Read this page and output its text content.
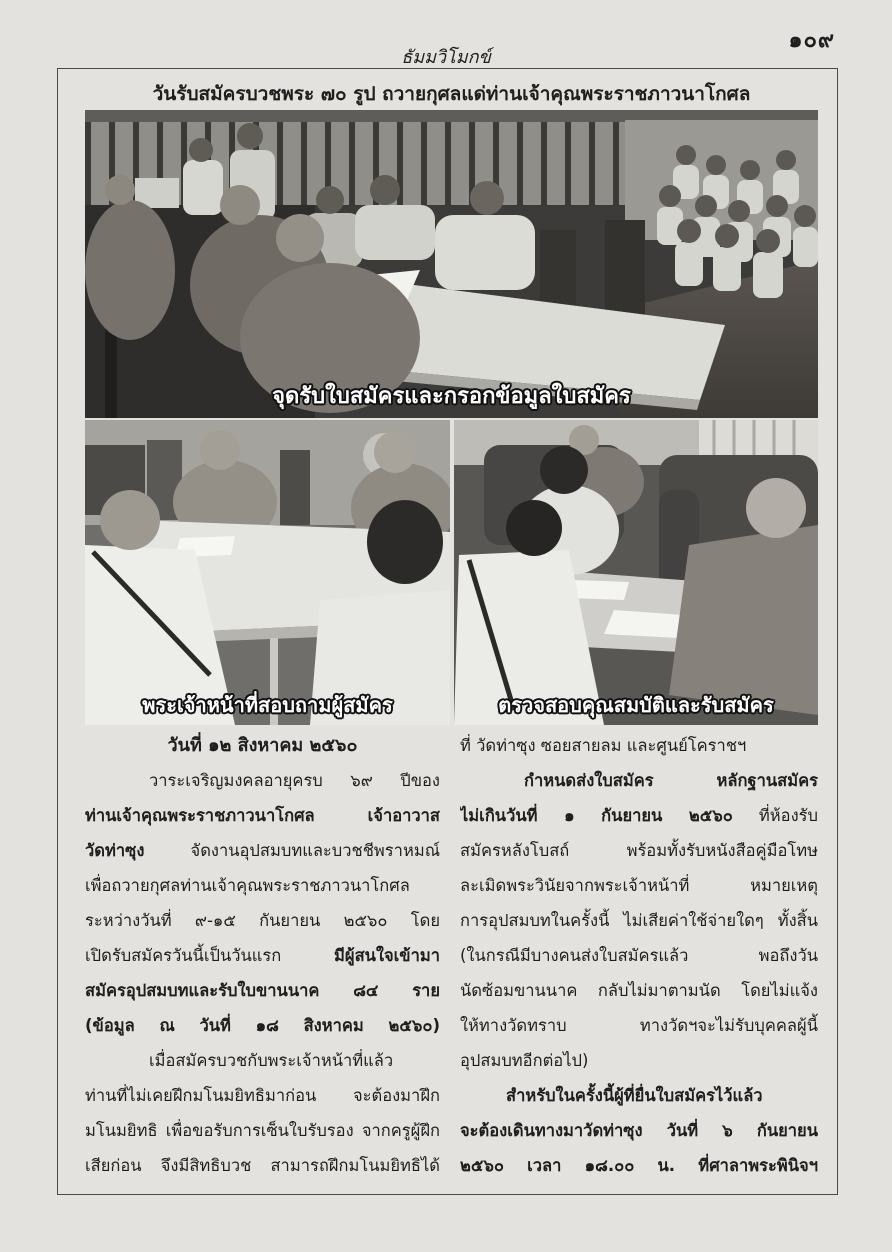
๑๐๙
ธัมมวิโมกข์
วันรับสมัครบวชพระ ๗๐ รูป ถวายกุศลแด่ท่านเจ้าคุณพระราชภาวนาโกศล
จุดรับใบสมัครและกรอกข้อมูลใบสมัคร
พระเจ้าหน้าที่สอบถามผู้สมัคร	ตรวจสอบคุณสมบัติและรับสมัคร
วันที่ ๑๒ สิงหาคม ๒๕๖๐
วาระเจริญมงคลอายุครบ ๖๙ ปีของ
ท่านเจ้าคุณพระราชภาวนาโกศล เจ้าอาวาส
วัดท่าซุง จัดงานอุปสมบทและบวชชีพราหมณ์
เพื่อถวายกุศลท่านเจ้าคุณพระราชภาวนาโกศล
ระหว่างวันที่ ๙-๑๕ กันยายน ๒๕๖๐ โดย
เปิดรับสมัครวันนี้เป็นวันแรก มีผู้สนใจเข้ามา
สมัครอุปสมบทและรับใบขานนาค ๘๔ ราย
(ข้อมูล ณ วันที่ ๑๘ สิงหาคม ๒๕๖๐)
เมื่อสมัครบวชกับพระเจ้าหน้าที่แล้ว
ท่านที่ไม่เคยฝึกมโนมยิทธิมาก่อน จะต้องมาฝึก
มโนมยิทธิ เพื่อขอรับการเซ็นใบรับรอง จากครูผู้ฝึก
เสียก่อน จึงมีสิทธิบวช สามารถฝึกมโนมยิทธิได้
ที่ วัดท่าซุง ซอยสายลม และศูนย์โคราชฯ
กำหนดส่งใบสมัคร หลักฐานสมัคร
ไม่เกินวันที่ ๑ กันยายน ๒๕๖๐ ที่ห้องรับ
สมัครหลังโบสถ์ พร้อมทั้งรับหนังสือคู่มือโทษ
ละเมิดพระวินัยจากพระเจ้าหน้าที่ หมายเหตุ
การอุปสมบทในครั้งนี้ ไม่เสียค่าใช้จ่ายใดๆ ทั้งสิ้น
(ในกรณีมีบางคนส่งใบสมัครแล้ว พอถึงวัน
นัดซ้อมขานนาค กลับไม่มาตามนัด โดยไม่แจ้ง
ให้ทางวัดทราบ ทางวัดฯจะไม่รับบุคคลผู้นี้
อุปสมบทอีกต่อไป)
สำหรับในครั้งนี้ผู้ที่ยื่นใบสมัครไว้แล้ว
จะต้องเดินทางมาวัดท่าซุง วันที่ ๖ กันยายน
๒๕๖๐ เวลา ๑๘.๐๐ น. ที่ศาลาพระพินิจฯ
